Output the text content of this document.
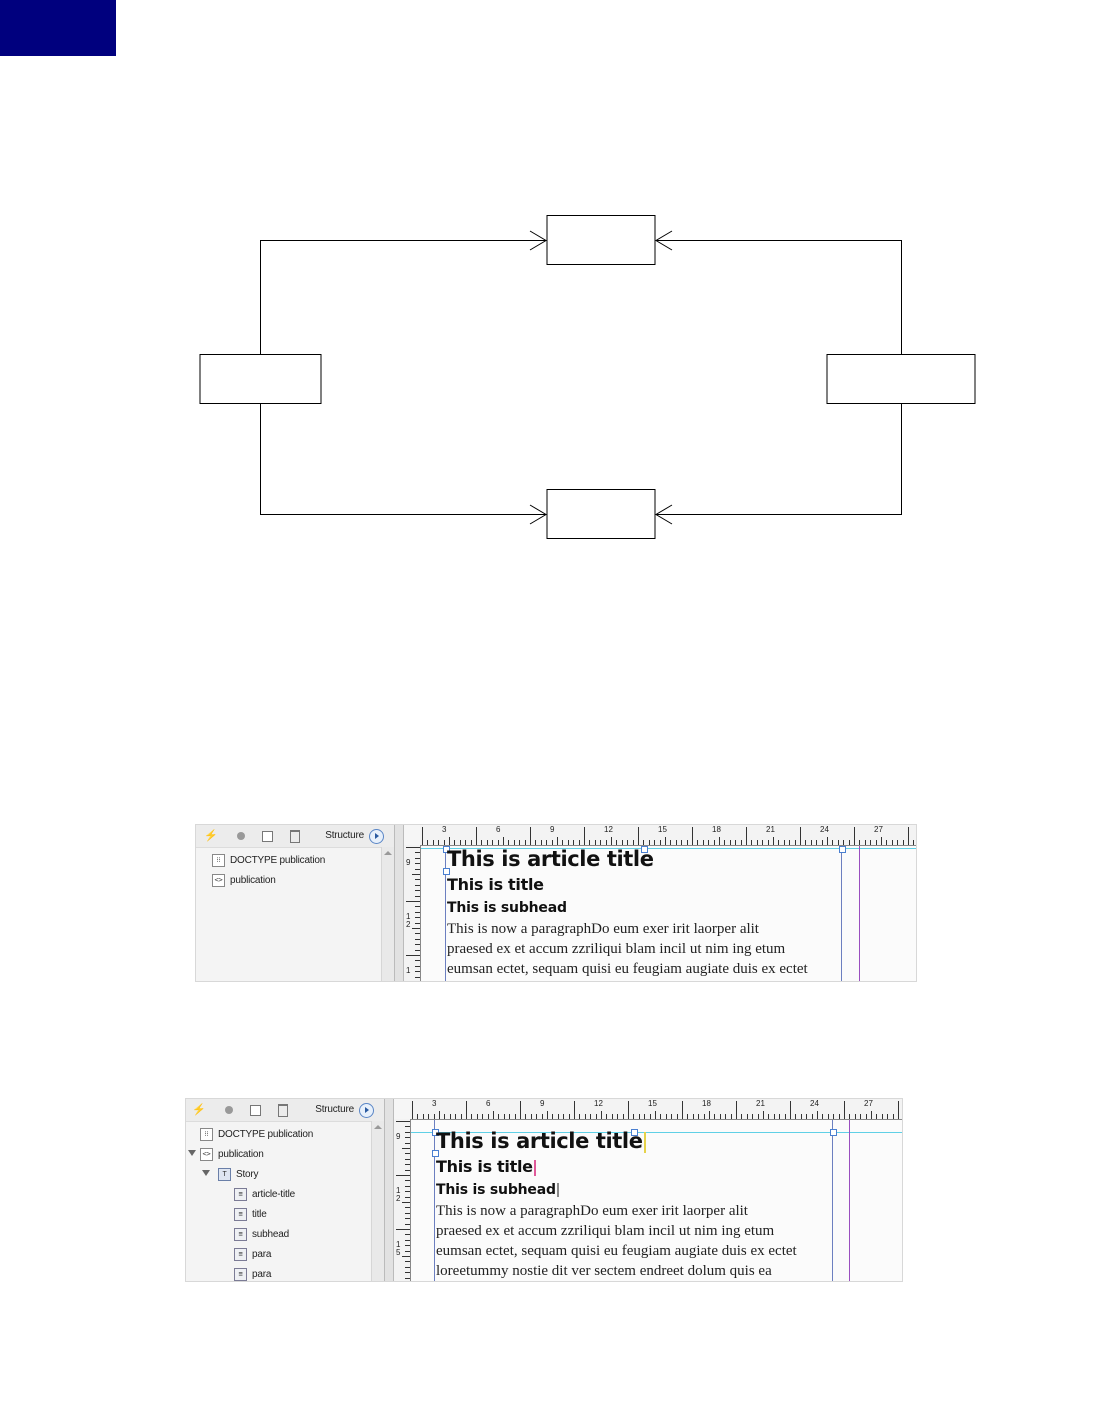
⚡	Structure
⁝⁝ DOCTYPE publication
<> publication
3	6	9	12	15	18	21	24	27
9
1 2
1
This is article title
This is title
This is subhead
This is now a paragraphDo eum exer irit laorper alit
praesed ex et accum zzriliqui blam incil ut nim ing etum
eumsan ectet, sequam quisi eu feugiam augiate duis ex ectet
⚡	Structure
⁝⁝ DOCTYPE publication
<> publication
T Story
≡ article-title
≡ title
≡ subhead
≡ para
≡ para
3	6	9	12	15	18	21	24	27
9
1 2
1 5
This is article title
This is title
This is subhead
This is now a paragraphDo eum exer irit laorper alit
praesed ex et accum zzriliqui blam incil ut nim ing etum
eumsan ectet, sequam quisi eu feugiam augiate duis ex ectet
loreetummy nostie dit ver sectem endreet dolum quis ea
